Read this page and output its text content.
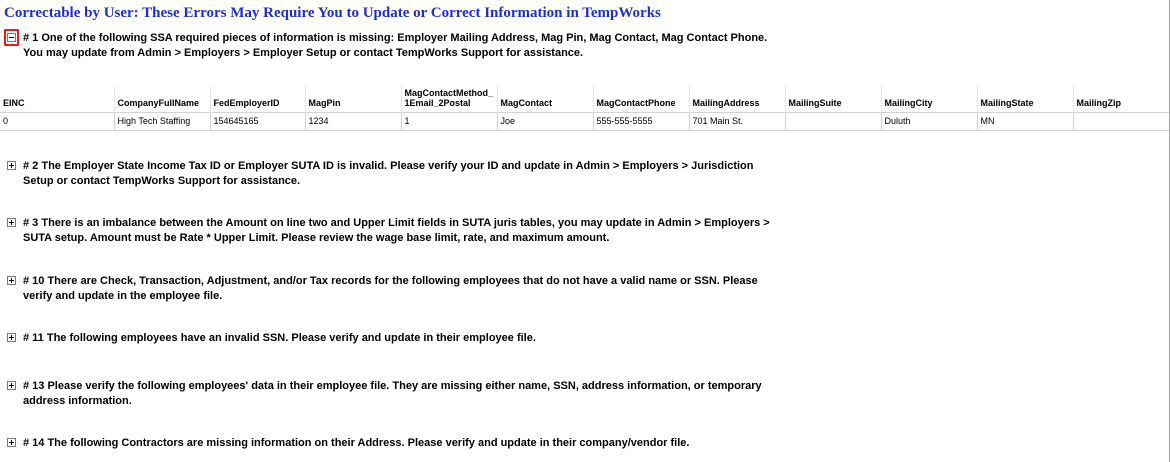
Correctable by User: These Errors May Require You to Update or Correct Information in TempWorks
# 1 One of the following SSA required pieces of information is missing: Employer Mailing Address, Mag Pin, Mag Contact, Mag Contact Phone. You may update from Admin > Employers > Employer Setup or contact TempWorks Support for assistance.
EINC	CompanyFullName	FedEmployerID	MagPin	MagContactMethod_1Email_2Postal	MagContact	MagContactPhone	MailingAddress	MailingSuite	MailingCity	MailingState	MailingZip
0	High Tech Staffing	154645165	1234	1	Joe	555-555-5555	701 Main St.		Duluth	MN	
# 2 The Employer State Income Tax ID or Employer SUTA ID is invalid. Please verify your ID and update in Admin > Employers > Jurisdiction Setup or contact TempWorks Support for assistance.
# 3 There is an imbalance between the Amount on line two and Upper Limit fields in SUTA juris tables, you may update in Admin > Employers > SUTA setup. Amount must be Rate * Upper Limit. Please review the wage base limit, rate, and maximum amount.
# 10 There are Check, Transaction, Adjustment, and/or Tax records for the following employees that do not have a valid name or SSN. Please verify and update in the employee file.
# 11 The following employees have an invalid SSN. Please verify and update in their employee file.
# 13 Please verify the following employees' data in their employee file. They are missing either name, SSN, address information, or temporary address information.
# 14 The following Contractors are missing information on their Address. Please verify and update in their company/vendor file.
